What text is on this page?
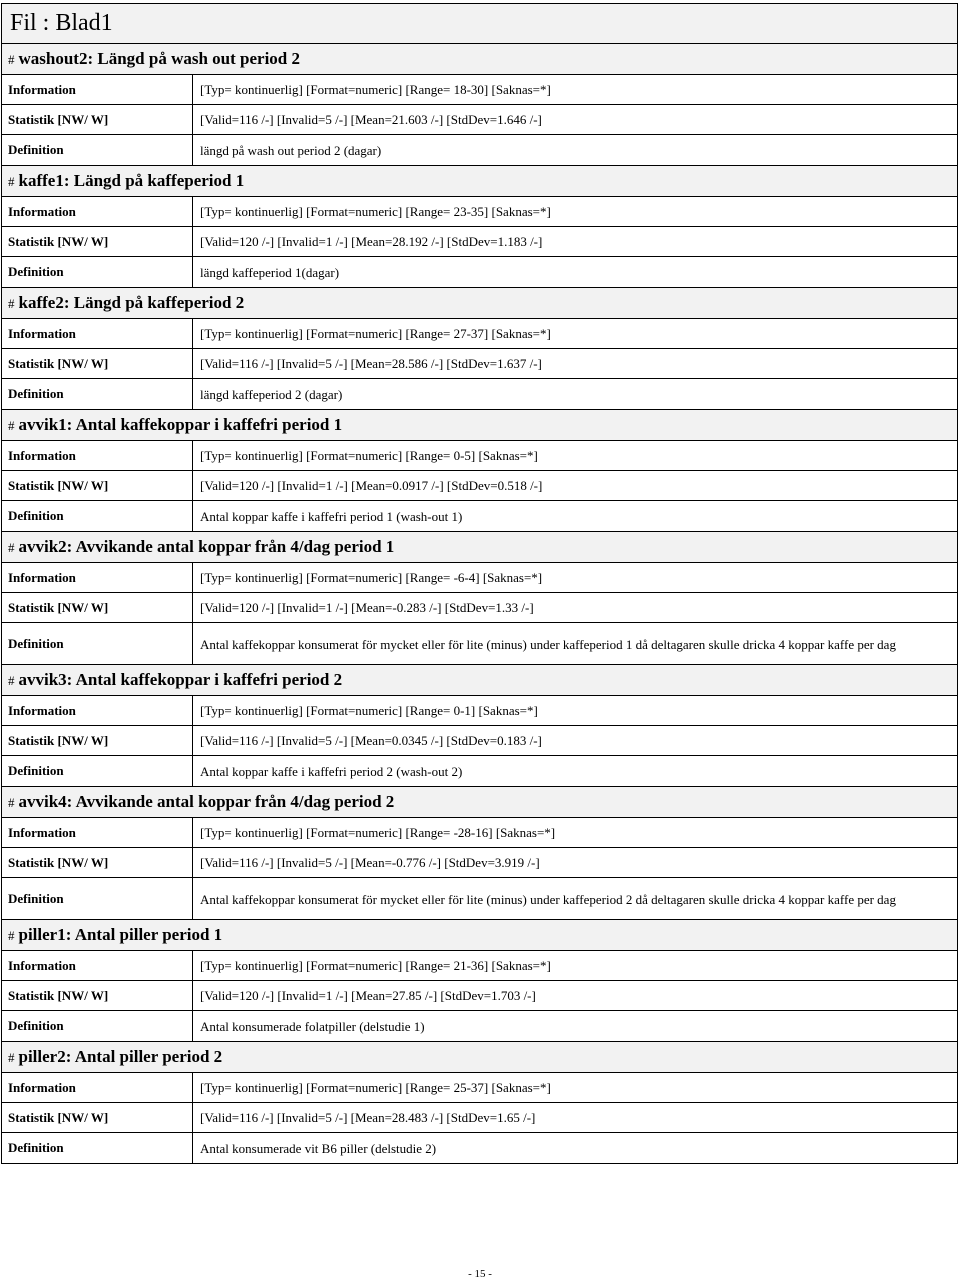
Fil : Blad1
# washout2: Längd på wash out period 2
Information	[Typ= kontinuerlig] [Format=numeric] [Range= 18-30] [Saknas=*]
Statistik [NW/ W]	[Valid=116 /-] [Invalid=5 /-] [Mean=21.603 /-] [StdDev=1.646 /-]
Definition	längd på wash out period 2 (dagar)
# kaffe1: Längd på kaffeperiod 1
Information	[Typ= kontinuerlig] [Format=numeric] [Range= 23-35] [Saknas=*]
Statistik [NW/ W]	[Valid=120 /-] [Invalid=1 /-] [Mean=28.192 /-] [StdDev=1.183 /-]
Definition	längd kaffeperiod 1(dagar)
# kaffe2: Längd på kaffeperiod 2
Information	[Typ= kontinuerlig] [Format=numeric] [Range= 27-37] [Saknas=*]
Statistik [NW/ W]	[Valid=116 /-] [Invalid=5 /-] [Mean=28.586 /-] [StdDev=1.637 /-]
Definition	längd kaffeperiod 2 (dagar)
# avvik1: Antal kaffekoppar i kaffefri period 1
Information	[Typ= kontinuerlig] [Format=numeric] [Range= 0-5] [Saknas=*]
Statistik [NW/ W]	[Valid=120 /-] [Invalid=1 /-] [Mean=0.0917 /-] [StdDev=0.518 /-]
Definition	Antal koppar kaffe i kaffefri period 1 (wash-out 1)
# avvik2: Avvikande antal koppar från 4/dag period 1
Information	[Typ= kontinuerlig] [Format=numeric] [Range= -6-4] [Saknas=*]
Statistik [NW/ W]	[Valid=120 /-] [Invalid=1 /-] [Mean=-0.283 /-] [StdDev=1.33 /-]
Definition	Antal kaffekoppar konsumerat för mycket eller för lite (minus) under kaffeperiod 1 då deltagaren skulle dricka 4 koppar kaffe per dag
# avvik3: Antal kaffekoppar i kaffefri period 2
Information	[Typ= kontinuerlig] [Format=numeric] [Range= 0-1] [Saknas=*]
Statistik [NW/ W]	[Valid=116 /-] [Invalid=5 /-] [Mean=0.0345 /-] [StdDev=0.183 /-]
Definition	Antal koppar kaffe i kaffefri period 2 (wash-out 2)
# avvik4: Avvikande antal koppar från 4/dag period 2
Information	[Typ= kontinuerlig] [Format=numeric] [Range= -28-16] [Saknas=*]
Statistik [NW/ W]	[Valid=116 /-] [Invalid=5 /-] [Mean=-0.776 /-] [StdDev=3.919 /-]
Definition	Antal kaffekoppar konsumerat för mycket eller för lite (minus) under kaffeperiod 2 då deltagaren skulle dricka 4 koppar kaffe per dag
# piller1: Antal piller period 1
Information	[Typ= kontinuerlig] [Format=numeric] [Range= 21-36] [Saknas=*]
Statistik [NW/ W]	[Valid=120 /-] [Invalid=1 /-] [Mean=27.85 /-] [StdDev=1.703 /-]
Definition	Antal konsumerade folatpiller (delstudie 1)
# piller2: Antal piller period 2
Information	[Typ= kontinuerlig] [Format=numeric] [Range= 25-37] [Saknas=*]
Statistik [NW/ W]	[Valid=116 /-] [Invalid=5 /-] [Mean=28.483 /-] [StdDev=1.65 /-]
Definition	Antal konsumerade vit B6 piller (delstudie 2)
- 15 -
